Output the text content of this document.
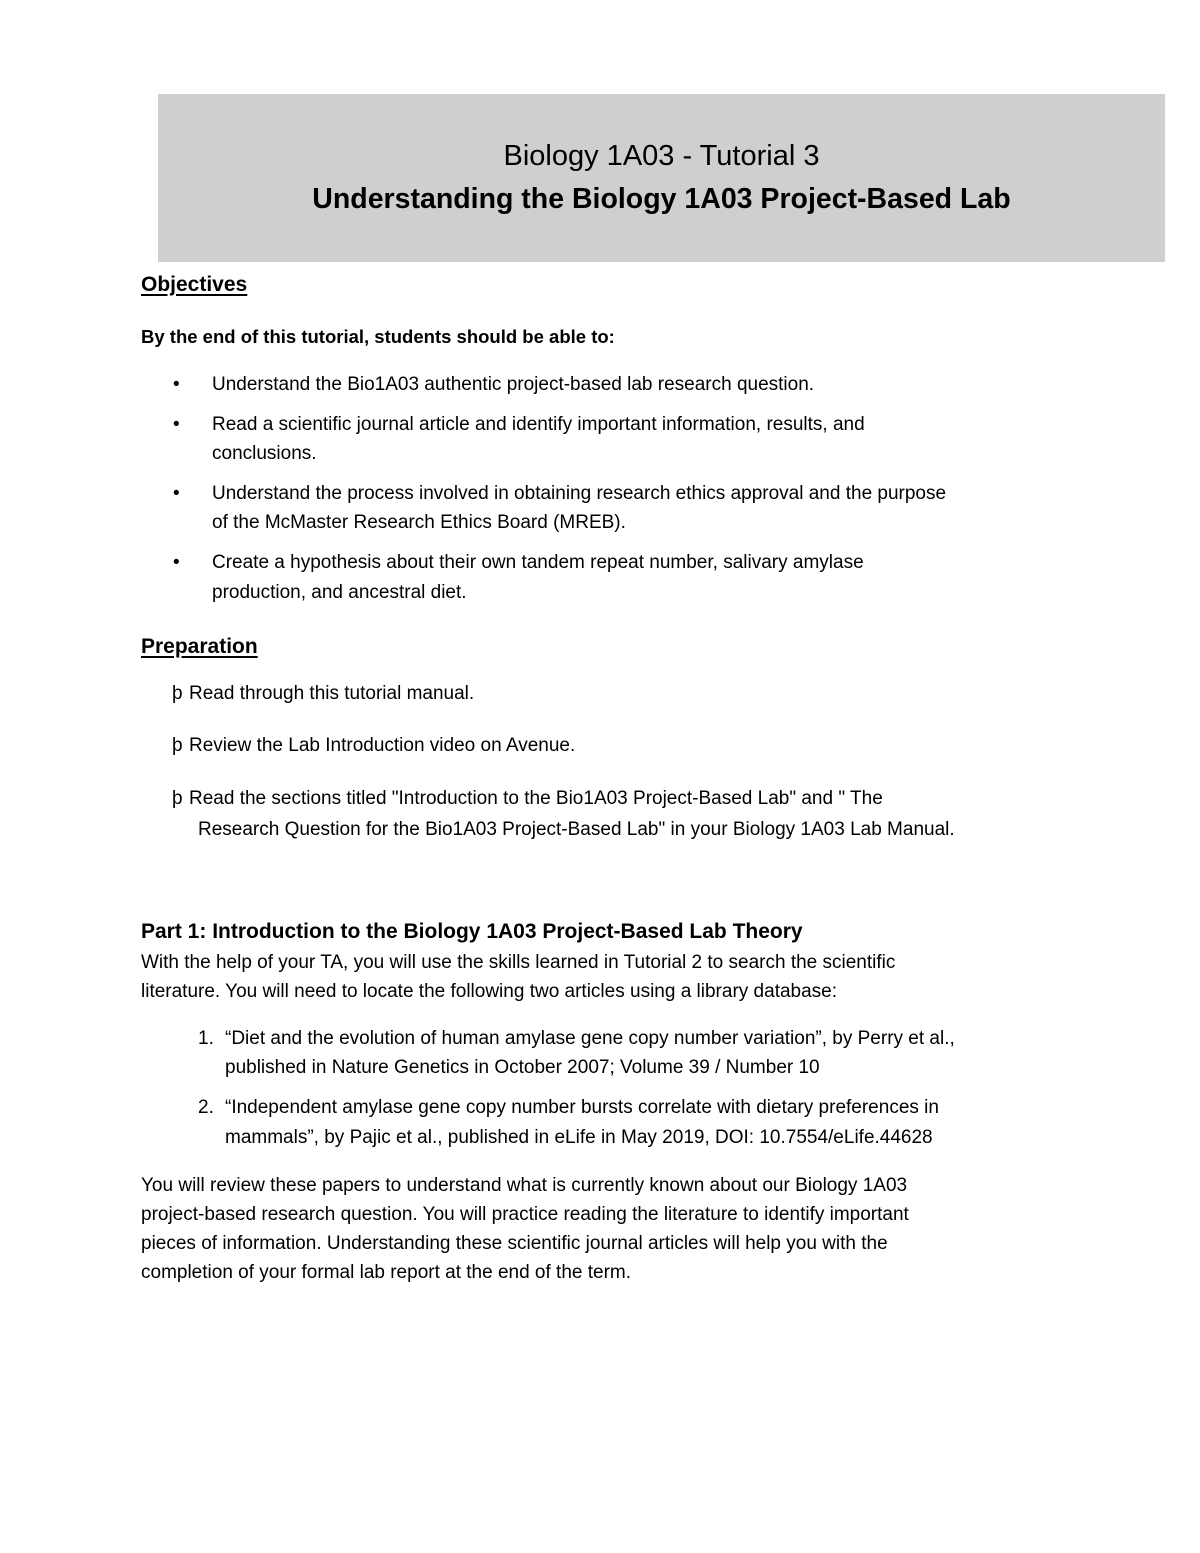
Biology 1A03 - Tutorial 3
Understanding the Biology 1A03 Project-Based Lab
Objectives
By the end of this tutorial, students should be able to:
• Understand the Bio1A03 authentic project-based lab research question.
• Read a scientific journal article and identify important information, results, and
conclusions.
• Understand the process involved in obtaining research ethics approval and the purpose
of the McMaster Research Ethics Board (MREB).
• Create a hypothesis about their own tandem repeat number, salivary amylase
production, and ancestral diet.
Preparation
þ Read through this tutorial manual.
þ Review the Lab Introduction video on Avenue.
þ Read the sections titled "Introduction to the Bio1A03 Project-Based Lab" and " The
Research Question for the Bio1A03 Project-Based Lab" in your Biology 1A03 Lab Manual.
Part 1: Introduction to the Biology 1A03 Project-Based Lab Theory
With the help of your TA, you will use the skills learned in Tutorial 2 to search the scientific
literature. You will need to locate the following two articles using a library database:
1. “Diet and the evolution of human amylase gene copy number variation”, by Perry et al.,
published in Nature Genetics in October 2007; Volume 39 / Number 10
2. “Independent amylase gene copy number bursts correlate with dietary preferences in
mammals”, by Pajic et al., published in eLife in May 2019, DOI: 10.7554/eLife.44628
You will review these papers to understand what is currently known about our Biology 1A03
project-based research question. You will practice reading the literature to identify important
pieces of information. Understanding these scientific journal articles will help you with the
completion of your formal lab report at the end of the term.
